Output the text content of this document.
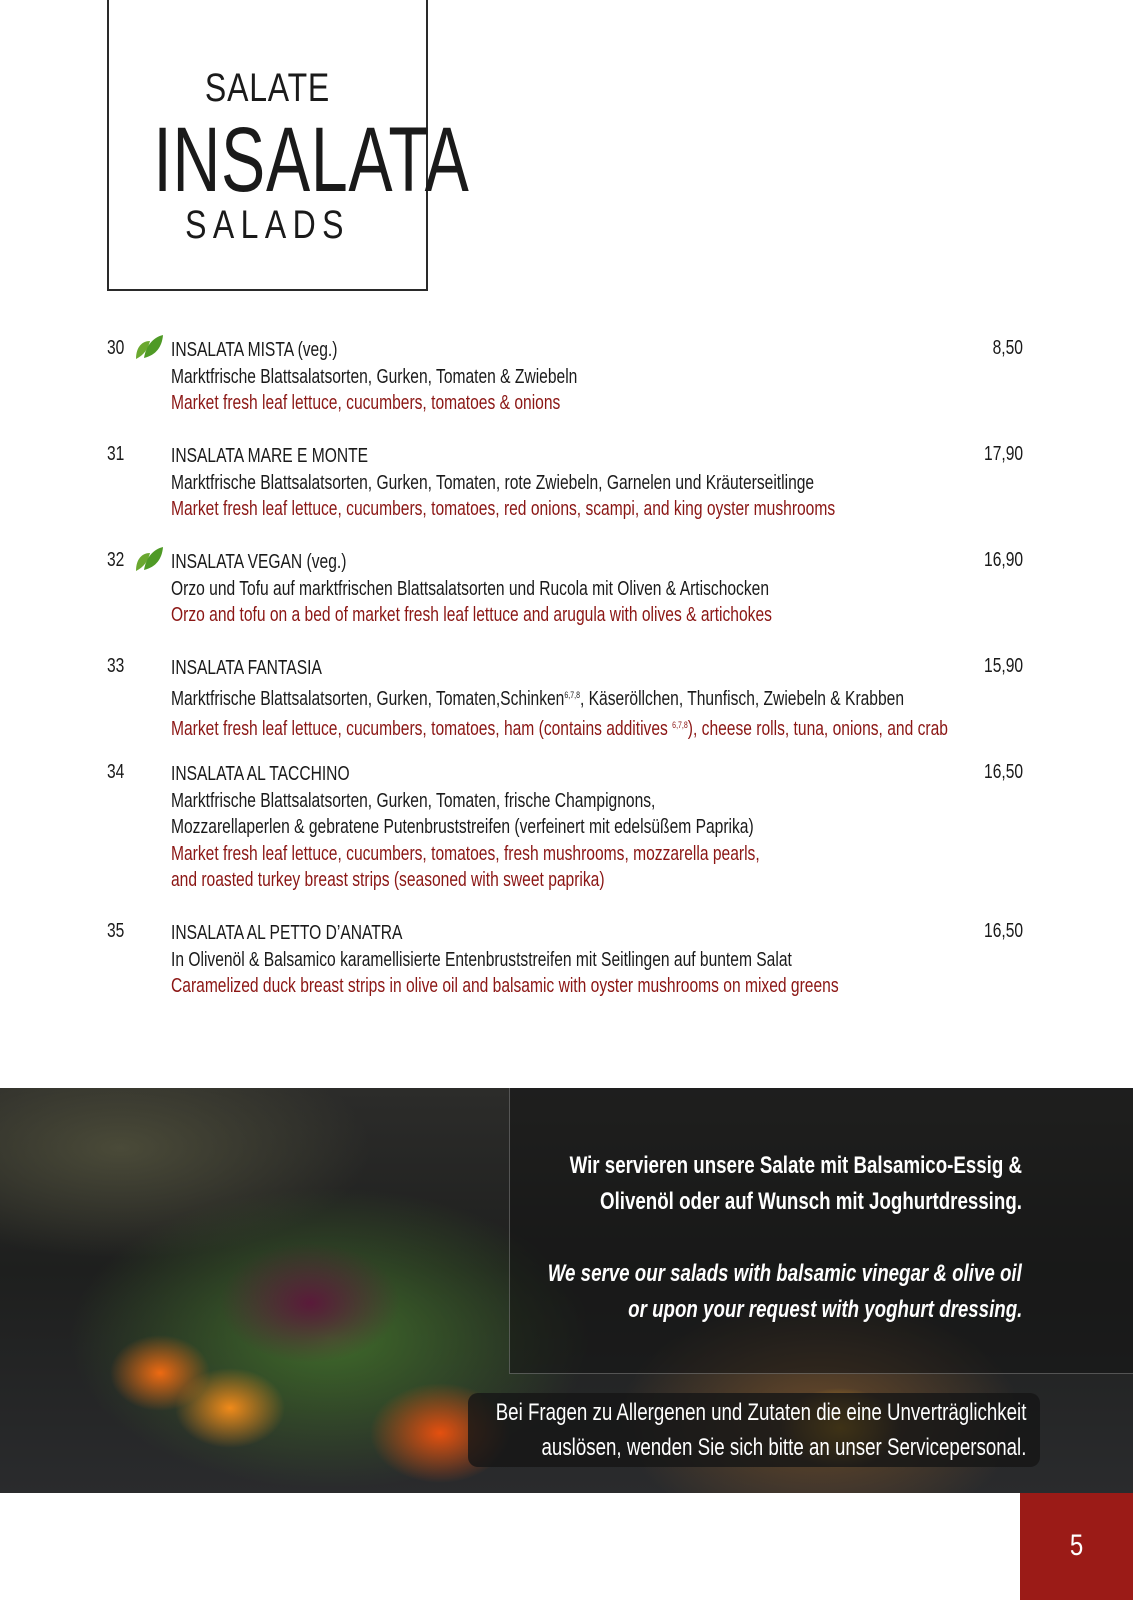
SALATE
INSALATA
SALADS
30 INSALATA MISTA (veg.)
Marktfrische Blattsalatsorten, Gurken, Tomaten & Zwiebeln
Market fresh leaf lettuce, cucumbers, tomatoes & onions
8,50
31 INSALATA MARE E MONTE
Marktfrische Blattsalatsorten, Gurken, Tomaten, rote Zwiebeln, Garnelen und Kräuterseitlinge
Market fresh leaf lettuce, cucumbers, tomatoes, red onions, scampi, and king oyster mushrooms
17,90
32 INSALATA VEGAN (veg.)
Orzo und Tofu auf marktfrischen Blattsalatsorten und Rucola mit Oliven & Artischocken
Orzo and tofu on a bed of market fresh leaf lettuce and arugula with olives & artichokes
16,90
33 INSALATA FANTASIA
Marktfrische Blattsalatsorten, Gurken, Tomaten,Schinken$^{6,7,8}$, Käseröllchen, Thunfisch, Zwiebeln & Krabben
Market fresh leaf lettuce, cucumbers, tomatoes, ham (contains additives $^{6,7,8}$), cheese rolls, tuna, onions, and crab
15,90
34 INSALATA AL TACCHINO
Marktfrische Blattsalatsorten, Gurken, Tomaten, frische Champignons,
Mozzarellaperlen & gebratene Putenbruststreifen (verfeinert mit edelsüßem Paprika)
Market fresh leaf lettuce, cucumbers, tomatoes, fresh mushrooms, mozzarella pearls,
and roasted turkey breast strips (seasoned with sweet paprika)
16,50
35 INSALATA AL PETTO D’ANATRA
In Olivenöl & Balsamico karamellisierte Entenbruststreifen mit Seitlingen auf buntem Salat
Caramelized duck breast strips in olive oil and balsamic with oyster mushrooms on mixed greens
16,50
Wir servieren unsere Salate mit Balsamico-Essig &
Olivenöl oder auf Wunsch mit Joghurtdressing.
We serve our salads with balsamic vinegar & olive oil
or upon your request with yoghurt dressing.
Bei Fragen zu Allergenen und Zutaten die eine Unverträglichkeit
auslösen, wenden Sie sich bitte an unser Servicepersonal.
5
